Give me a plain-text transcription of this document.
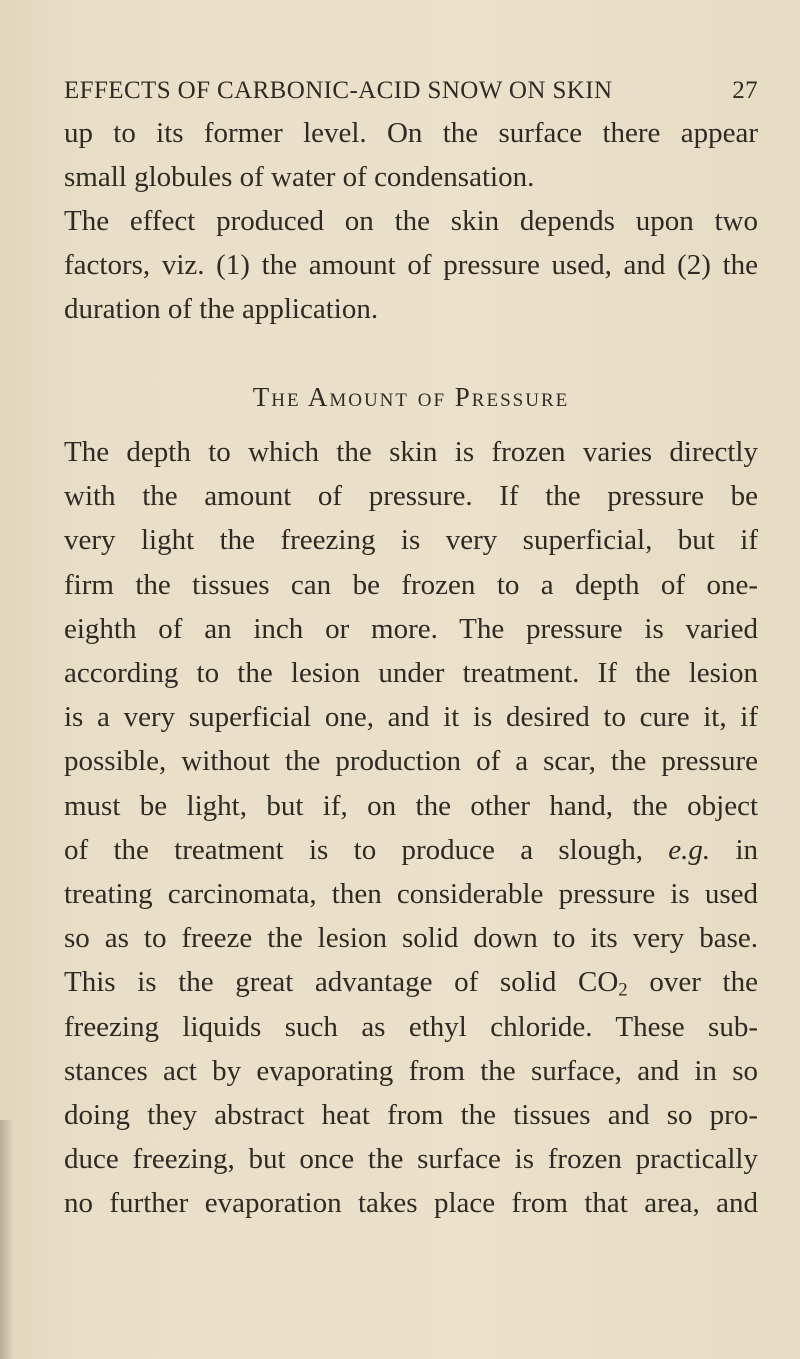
EFFECTS OF CARBONIC-ACID SNOW ON SKIN	27
up to its former level. On the surface there appear
small globules of water of condensation.
The effect produced on the skin depends upon two
factors, viz. (1) the amount of pressure used, and (2) the
duration of the application.
The Amount of Pressure
The depth to which the skin is frozen varies directly
with the amount of pressure. If the pressure be
very light the freezing is very superficial, but if
firm the tissues can be frozen to a depth of one-
eighth of an inch or more. The pressure is varied
according to the lesion under treatment. If the lesion
is a very superficial one, and it is desired to cure it, if
possible, without the production of a scar, the pressure
must be light, but if, on the other hand, the object
of the treatment is to produce a slough, e.g. in
treating carcinomata, then considerable pressure is used
so as to freeze the lesion solid down to its very base.
This is the great advantage of solid $CO_2$ over the
freezing liquids such as ethyl chloride. These sub-
stances act by evaporating from the surface, and in so
doing they abstract heat from the tissues and so pro-
duce freezing, but once the surface is frozen practically
no further evaporation takes place from that area, and
